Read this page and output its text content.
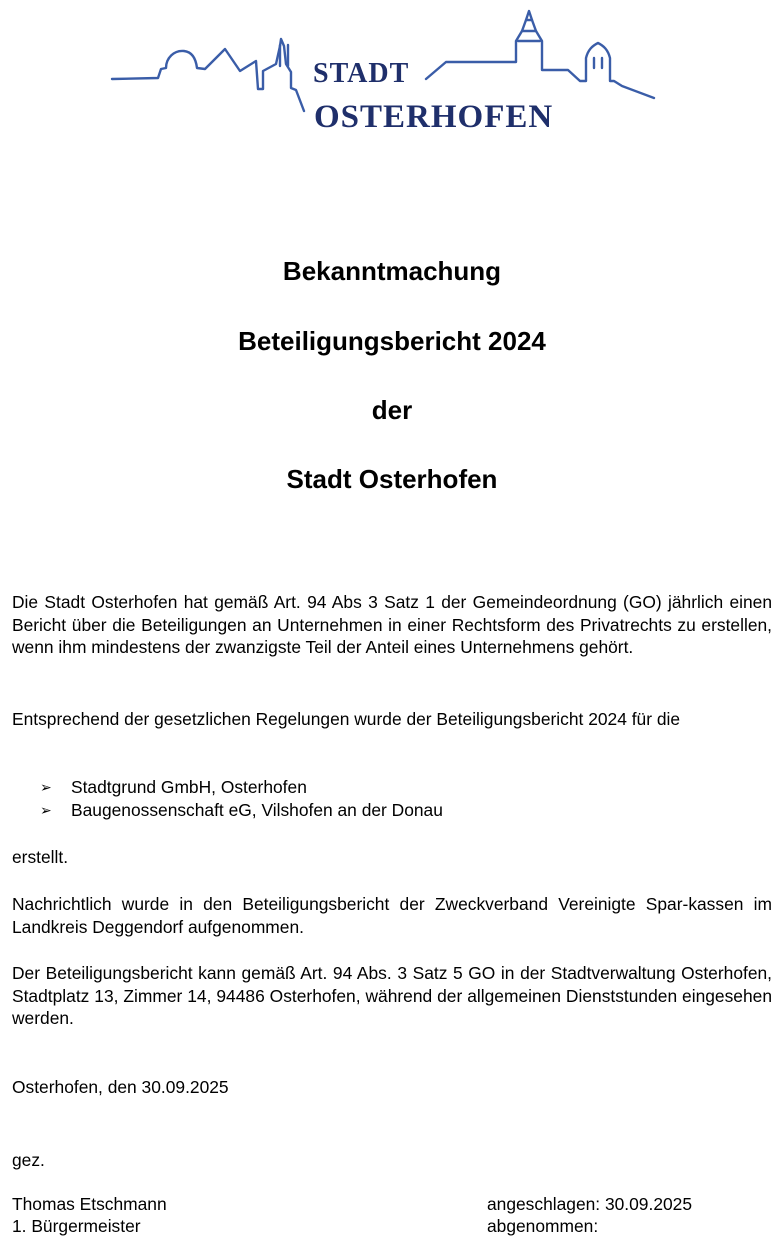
STADT
OSTERHOFEN
Bekanntmachung
Beteiligungsbericht 2024
der
Stadt Osterhofen

Die Stadt Osterhofen hat gemäß Art. 94 Abs 3 Satz 1 der Gemeindeordnung (GO) jährlich einen Bericht über die Beteiligungen an Unternehmen in einer Rechtsform des Privatrechts zu erstellen, wenn ihm mindestens der zwanzigste Teil der Anteil eines Unternehmens gehört.

Entsprechend der gesetzlichen Regelungen wurde der Beteiligungsbericht 2024 für die

➢ Stadtgrund GmbH, Osterhofen
➢ Baugenossenschaft eG, Vilshofen an der Donau

erstellt.

Nachrichtlich wurde in den Beteiligungsbericht der Zweckverband Vereinigte Spar-kassen im Landkreis Deggendorf aufgenommen.

Der Beteiligungsbericht kann gemäß Art. 94 Abs. 3 Satz 5 GO in der Stadtverwaltung Osterhofen, Stadtplatz 13, Zimmer 14, 94486 Osterhofen, während der allgemeinen Dienststunden eingesehen werden.

Osterhofen, den 30.09.2025
gez.
Thomas Etschmann
1. Bürgermeister
angeschlagen: 30.09.2025
abgenommen:
